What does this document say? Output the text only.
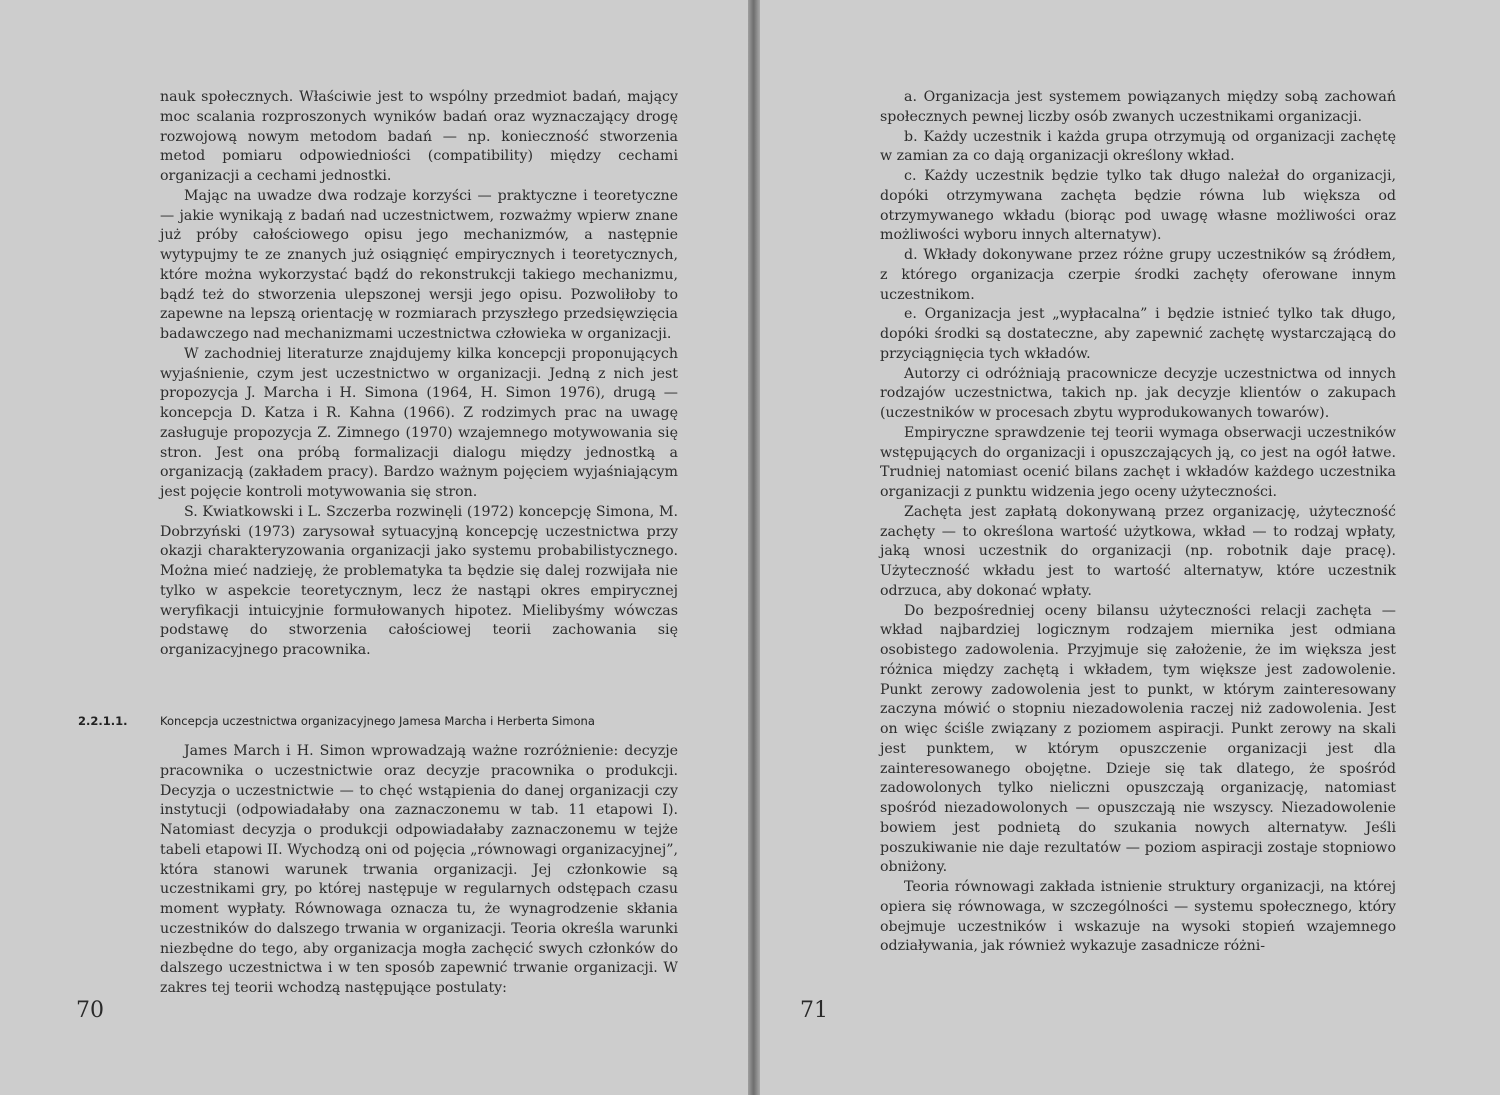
nauk społecznych. Właściwie jest to wspólny przedmiot badań, mający moc scalania rozproszonych wyników badań oraz wyznaczający drogę rozwojową nowym metodom badań — np. konieczność stworzenia metod pomiaru odpowiedniości (compatibility) między cechami organizacji a cechami jednostki.

Mając na uwadze dwa rodzaje korzyści — praktyczne i teoretyczne — jakie wynikają z badań nad uczestnictwem, rozważmy wpierw znane już próby całościowego opisu jego mechanizmów, a następnie wytypujmy te ze znanych już osiągnięć empirycznych i teoretycznych, które można wykorzystać bądź do rekonstrukcji takiego mechanizmu, bądź też do stworzenia ulepszonej wersji jego opisu. Pozwoliłoby to zapewne na lepszą orientację w rozmiarach przyszłego przedsięwzięcia badawczego nad mechanizmami uczestnictwa człowieka w organizacji.

W zachodniej literaturze znajdujemy kilka koncepcji proponujących wyjaśnienie, czym jest uczestnictwo w organizacji. Jedną z nich jest propozycja J. Marcha i H. Simona (1964, H. Simon 1976), drugą — koncepcja D. Katza i R. Kahna (1966). Z rodzimych prac na uwagę zasługuje propozycja Z. Zimnego (1970) wzajemnego motywowania się stron. Jest ona próbą formalizacji dialogu między jednostką a organizacją (zakładem pracy). Bardzo ważnym pojęciem wyjaśniającym jest pojęcie kontroli motywowania się stron.

S. Kwiatkowski i L. Szczerba rozwinęli (1972) koncepcję Simona, M. Dobrzyński (1973) zarysował sytuacyjną koncepcję uczestnictwa przy okazji charakteryzowania organizacji jako systemu probabilistycznego. Można mieć nadzieję, że problematyka ta będzie się dalej rozwijała nie tylko w aspekcie teoretycznym, lecz że nastąpi okres empirycznej weryfikacji intuicyjnie formułowanych hipotez. Mielibyśmy wówczas podstawę do stworzenia całościowej teorii zachowania się organizacyjnego pracownika.

2.2.1.1.	Koncepcja uczestnictwa organizacyjnego Jamesa Marcha i Herberta Simona

James March i H. Simon wprowadzają ważne rozróżnienie: decyzje pracownika o uczestnictwie oraz decyzje pracownika o produkcji. Decyzja o uczestnictwie — to chęć wstąpienia do danej organizacji czy instytucji (odpowiadałaby ona zaznaczonemu w tab. 11 etapowi I). Natomiast decyzja o produkcji odpowiadałaby zaznaczonemu w tejże tabeli etapowi II. Wychodzą oni od pojęcia „równowagi organizacyjnej”, która stanowi warunek trwania organizacji. Jej członkowie są uczestnikami gry, po której następuje w regularnych odstępach czasu moment wypłaty. Równowaga oznacza tu, że wynagrodzenie skłania uczestników do dalszego trwania w organizacji. Teoria określa warunki niezbędne do tego, aby organizacja mogła zachęcić swych członków do dalszego uczestnictwa i w ten sposób zapewnić trwanie organizacji. W zakres tej teorii wchodzą następujące postulaty:

70

a. Organizacja jest systemem powiązanych między sobą zachowań społecznych pewnej liczby osób zwanych uczestnikami organizacji.

b. Każdy uczestnik i każda grupa otrzymują od organizacji zachętę w zamian za co dają organizacji określony wkład.

c. Każdy uczestnik będzie tylko tak długo należał do organizacji, dopóki otrzymywana zachęta będzie równa lub większa od otrzymywanego wkładu (biorąc pod uwagę własne możliwości oraz możliwości wyboru innych alternatyw).

d. Wkłady dokonywane przez różne grupy uczestników są źródłem, z którego organizacja czerpie środki zachęty oferowane innym uczestnikom.

e. Organizacja jest „wypłacalna” i będzie istnieć tylko tak długo, dopóki środki są dostateczne, aby zapewnić zachętę wystarczającą do przyciągnięcia tych wkładów.

Autorzy ci odróżniają pracownicze decyzje uczestnictwa od innych rodzajów uczestnictwa, takich np. jak decyzje klientów o zakupach (uczestników w procesach zbytu wyprodukowanych towarów).

Empiryczne sprawdzenie tej teorii wymaga obserwacji uczestników wstępujących do organizacji i opuszczających ją, co jest na ogół łatwe. Trudniej natomiast ocenić bilans zachęt i wkładów każdego uczestnika organizacji z punktu widzenia jego oceny użyteczności.

Zachęta jest zapłatą dokonywaną przez organizację, użyteczność zachęty — to określona wartość użytkowa, wkład — to rodzaj wpłaty, jaką wnosi uczestnik do organizacji (np. robotnik daje pracę). Użyteczność wkładu jest to wartość alternatyw, które uczestnik odrzuca, aby dokonać wpłaty.

Do bezpośredniej oceny bilansu użyteczności relacji zachęta — wkład najbardziej logicznym rodzajem miernika jest odmiana osobistego zadowolenia. Przyjmuje się założenie, że im większa jest różnica między zachętą i wkładem, tym większe jest zadowolenie. Punkt zerowy zadowolenia jest to punkt, w którym zainteresowany zaczyna mówić o stopniu niezadowolenia raczej niż zadowolenia. Jest on więc ściśle związany z poziomem aspiracji. Punkt zerowy na skali jest punktem, w którym opuszczenie organizacji jest dla zainteresowanego obojętne. Dzieje się tak dlatego, że spośród zadowolonych tylko nieliczni opuszczają organizację, natomiast spośród niezadowolonych — opuszczają nie wszyscy. Niezadowolenie bowiem jest podnietą do szukania nowych alternatyw. Jeśli poszukiwanie nie daje rezultatów — poziom aspiracji zostaje stopniowo obniżony.

Teoria równowagi zakłada istnienie struktury organizacji, na której opiera się równowaga, w szczególności — systemu społecznego, który obejmuje uczestników i wskazuje na wysoki stopień wzajemnego odziaływania, jak również wykazuje zasadnicze różni-

71
